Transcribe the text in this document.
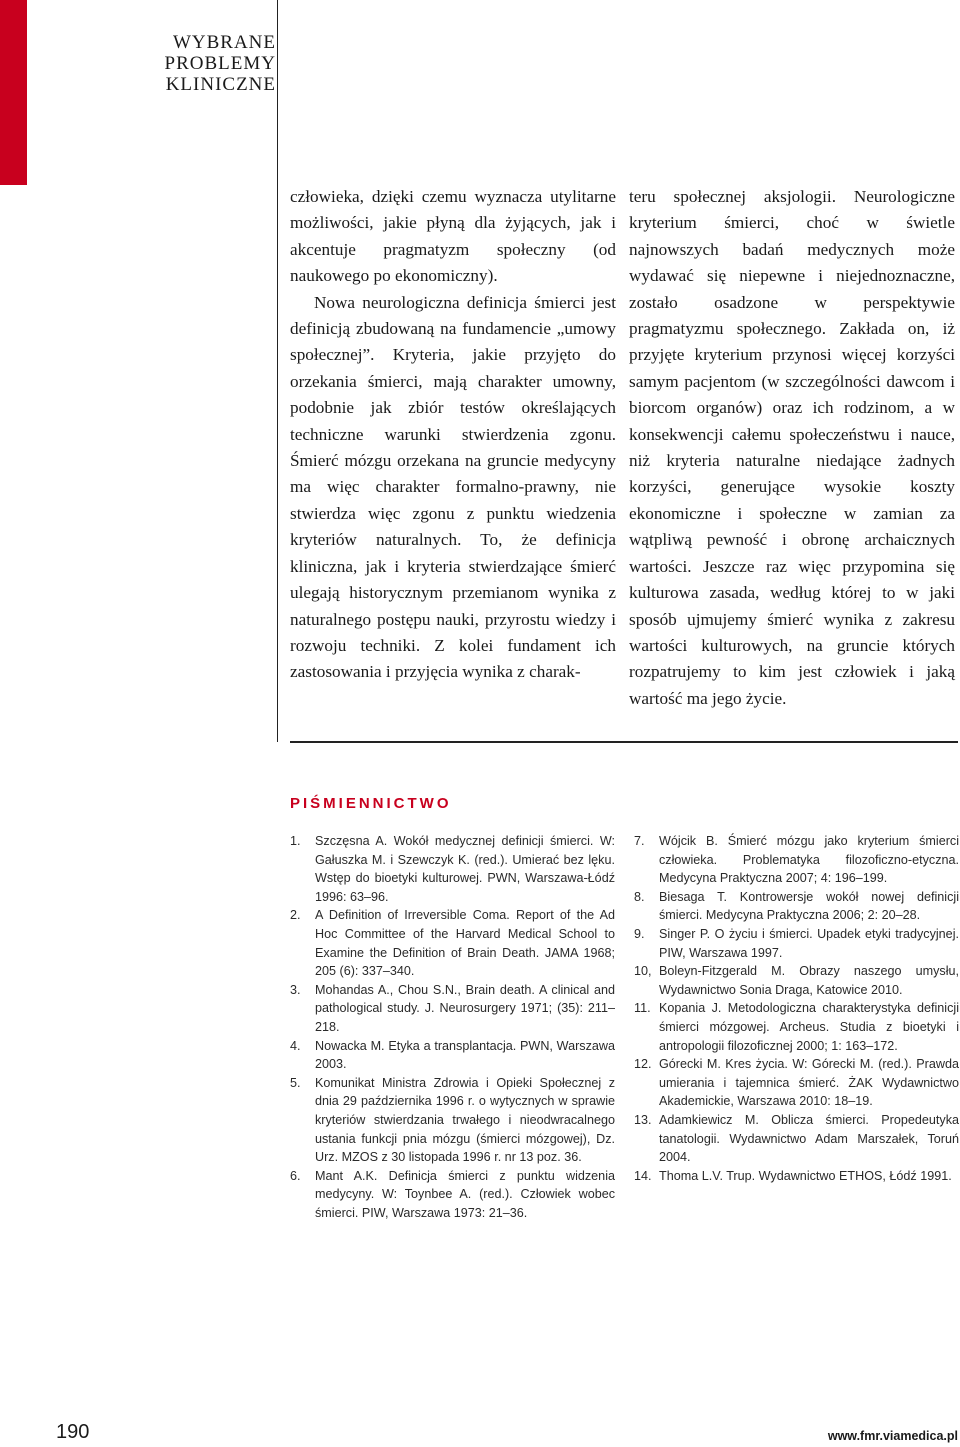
WYBRANE
PROBLEMY
KLINICZNE

człowieka, dzięki czemu wyznacza utylitarne możliwości, jakie płyną dla żyjących, jak i akcentuje pragmatyzm społeczny (od naukowego po ekonomiczny).

Nowa neurologiczna definicja śmierci jest definicją zbudowaną na fundamencie „umowy społecznej”. Kryteria, jakie przyjęto do orzekania śmierci, mają charakter umowny, podobnie jak zbiór testów określających techniczne warunki stwierdzenia zgonu. Śmierć mózgu orzekana na gruncie medycyny ma więc charakter formalno-prawny, nie stwierdza więc zgonu z punktu wiedzenia kryteriów naturalnych. To, że definicja kliniczna, jak i kryteria stwierdzające śmierć ulegają historycznym przemianom wynika z naturalnego postępu nauki, przyrostu wiedzy i rozwoju techniki. Z kolei fundament ich zastosowania i przyjęcia wynika z charak-

teru społecznej aksjologii. Neurologiczne kryterium śmierci, choć w świetle najnowszych badań medycznych może wydawać się niepewne i niejednoznaczne, zostało osadzone w perspektywie pragmatyzmu społecznego. Zakłada on, iż przyjęte kryterium przynosi więcej korzyści samym pacjentom (w szczególności dawcom i biorcom organów) oraz ich rodzinom, a w konsekwencji całemu społeczeństwu i nauce, niż kryteria naturalne niedające żadnych korzyści, generujące wysokie koszty ekonomiczne i społeczne w zamian za wątpliwą pewność i obronę archaicznych wartości. Jeszcze raz więc przypomina się kulturowa zasada, według której to w jaki sposób ujmujemy śmierć wynika z zakresu wartości kulturowych, na gruncie których rozpatrujemy to kim jest człowiek i jaką wartość ma jego życie.

PIŚMIENNICTWO
1. Szczęsna A. Wokół medycznej definicji śmierci. W: Gałuszka M. i Szewczyk K. (red.). Umierać bez lęku. Wstęp do bioetyki kulturowej. PWN, Warszawa-Łódź 1996: 63–96.
2. A Definition of Irreversible Coma. Report of the Ad Hoc Committee of the Harvard Medical School to Examine the Definition of Brain Death. JAMA 1968; 205 (6): 337–340.
3. Mohandas A., Chou S.N., Brain death. A clinical and pathological study. J. Neurosurgery 1971; (35): 211–218.
4. Nowacka M. Etyka a transplantacja. PWN, Warszawa 2003.
5. Komunikat Ministra Zdrowia i Opieki Społecznej z dnia 29 października 1996 r. o wytycznych w sprawie kryteriów stwierdzania trwałego i nieodwracalnego ustania funkcji pnia mózgu (śmierci mózgowej), Dz. Urz. MZOS z 30 listopada 1996 r. nr 13 poz. 36.
6. Mant A.K. Definicja śmierci z punktu widzenia medycyny. W: Toynbee A. (red.). Człowiek wobec śmierci. PIW, Warszawa 1973: 21–36.
7. Wójcik B. Śmierć mózgu jako kryterium śmierci człowieka. Problematyka filozoficzno-etyczna. Medycyna Praktyczna 2007; 4: 196–199.
8. Biesaga T. Kontrowersje wokół nowej definicji śmierci. Medycyna Praktyczna 2006; 2: 20–28.
9. Singer P. O życiu i śmierci. Upadek etyki tradycyjnej. PIW, Warszawa 1997.
10, Boleyn-Fitzgerald M. Obrazy naszego umysłu, Wydawnictwo Sonia Draga, Katowice 2010.
11. Kopania J. Metodologiczna charakterystyka definicji śmierci mózgowej. Archeus. Studia z bioetyki i antropologii filozoficznej 2000; 1: 163–172.
12. Górecki M. Kres życia. W: Górecki M. (red.). Prawda umierania i tajemnica śmierć. ŻAK Wydawnictwo Akademickie, Warszawa 2010: 18–19.
13. Adamkiewicz M. Oblicza śmierci. Propedeutyka tanatologii. Wydawnictwo Adam Marszałek, Toruń 2004.
14. Thoma L.V. Trup. Wydawnictwo ETHOS, Łódź 1991.
190	www.fmr.viamedica.pl
